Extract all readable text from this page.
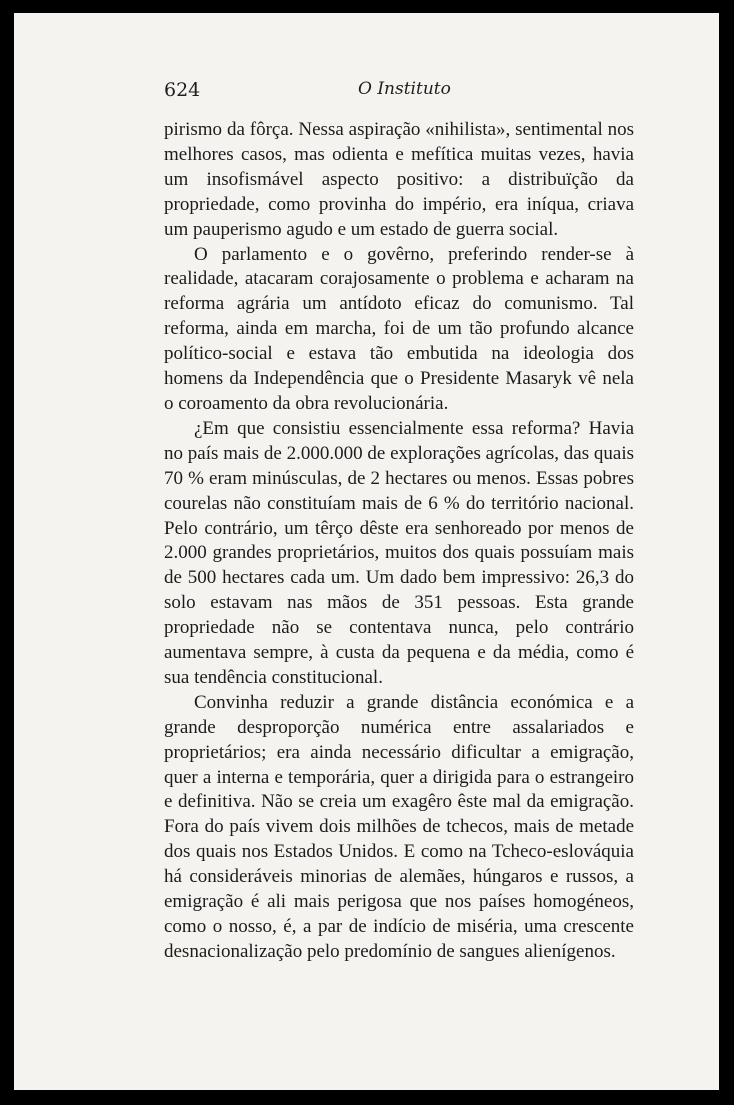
624	O Instituto

pirismo da fôrça. Nessa aspiração «nihilista», sentimental nos melhores casos, mas odienta e mefítica muitas vezes, havia um insofismável aspecto positivo: a distribuïção da propriedade, como provinha do império, era iníqua, criava um pauperismo agudo e um estado de guerra social.

O parlamento e o govêrno, preferindo render-se à realidade, atacaram corajosamente o problema e acharam na reforma agrária um antídoto eficaz do comunismo. Tal reforma, ainda em marcha, foi de um tão profundo alcance político-social e estava tão embutida na ideologia dos homens da Independência que o Presidente Masaryk vê nela o coroamento da obra revolucionária.

¿Em que consistiu essencialmente essa reforma? Havia no país mais de 2.000.000 de explorações agrícolas, das quais 70 % eram minúsculas, de 2 hectares ou menos. Essas pobres courelas não constituíam mais de 6 % do território nacional. Pelo contrário, um têrço dêste era senhoreado por menos de 2.000 grandes proprietários, muitos dos quais possuíam mais de 500 hectares cada um. Um dado bem impressivo: 26,3 do solo estavam nas mãos de 351 pessoas. Esta grande propriedade não se contentava nunca, pelo contrário aumentava sempre, à custa da pequena e da média, como é sua tendência constitucional.

Convinha reduzir a grande distância económica e a grande desproporção numérica entre assalariados e proprietários; era ainda necessário dificultar a emigração, quer a interna e temporária, quer a dirigida para o estrangeiro e definitiva. Não se creia um exagêro êste mal da emigração. Fora do país vivem dois milhões de tchecos, mais de metade dos quais nos Estados Unidos. E como na Tcheco-eslováquia há consideráveis minorias de alemães, húngaros e russos, a emigração é ali mais perigosa que nos países homogéneos, como o nosso, é, a par de indício de miséria, uma crescente desnacionalização pelo predomínio de sangues alienígenos.
